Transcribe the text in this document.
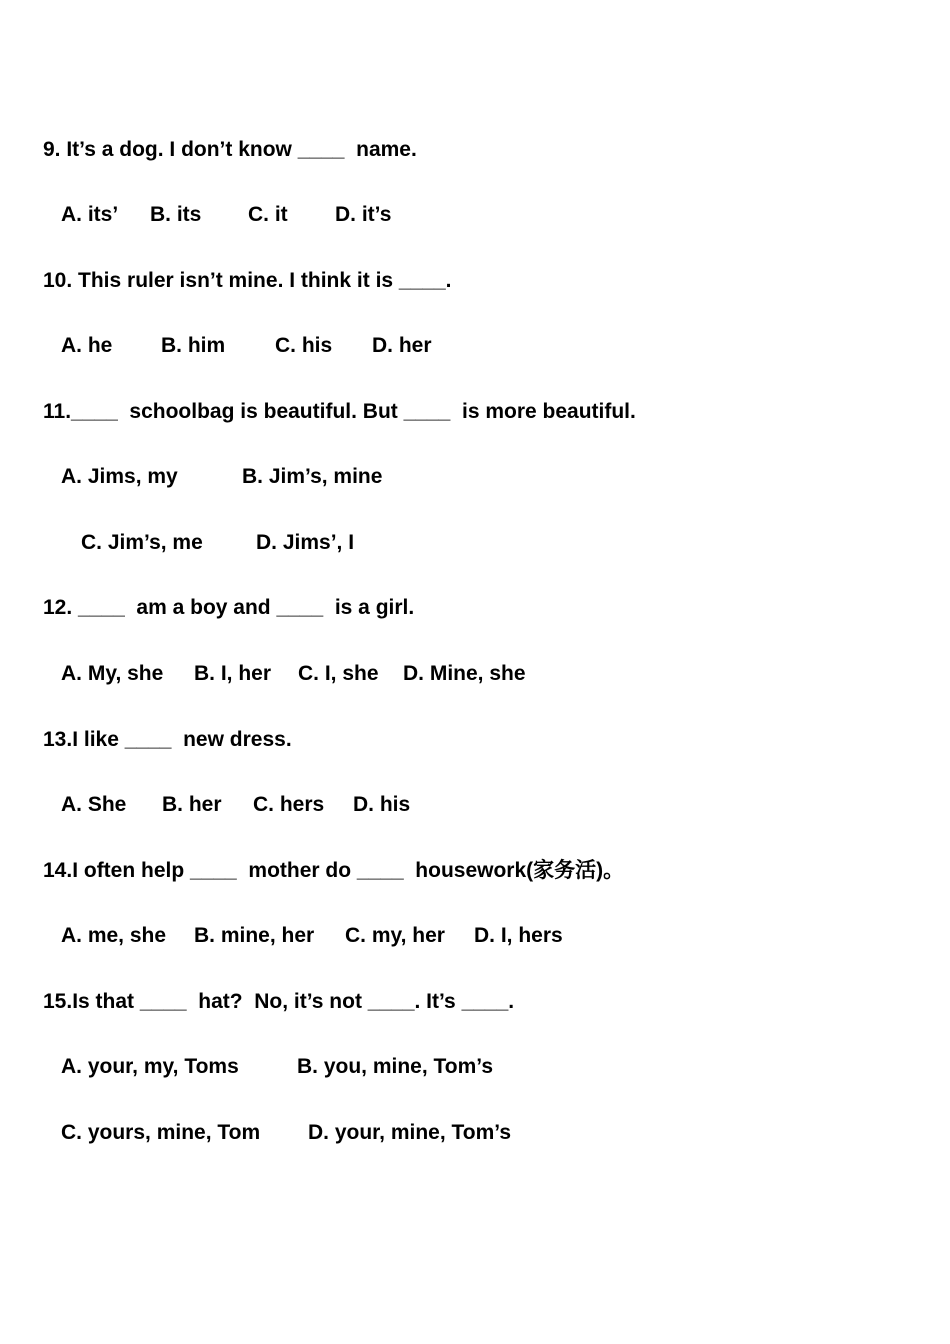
9. It’s a dog. I don’t know ____  name.

A. its’

B. its

C. it

D. it’s

10. This ruler isn’t mine. I think it is ____.

A. he

B. him

C. his

D. her

11.____  schoolbag is beautiful. But ____  is more beautiful.

A. Jims, my

	B. Jim’s, mine

C. Jim’s, me

	D. Jims’, I

12. ____  am a boy and ____  is a girl.

A. My, she

B. I, her

C. I, she

D. Mine, she

13.I like ____  new dress.

A. She

B. her

C. hers

D. his

14.I often help ____  mother do ____  housework(家务活)。

A. me, she

B. mine, her

C. my, her

D. I, hers

15.Is that ____  hat?  No, it’s not ____. It’s ____.

A. your, my, Toms

	B. you, mine, Tom’s

C. yours, mine, Tom

D. your, mine, Tom’s
